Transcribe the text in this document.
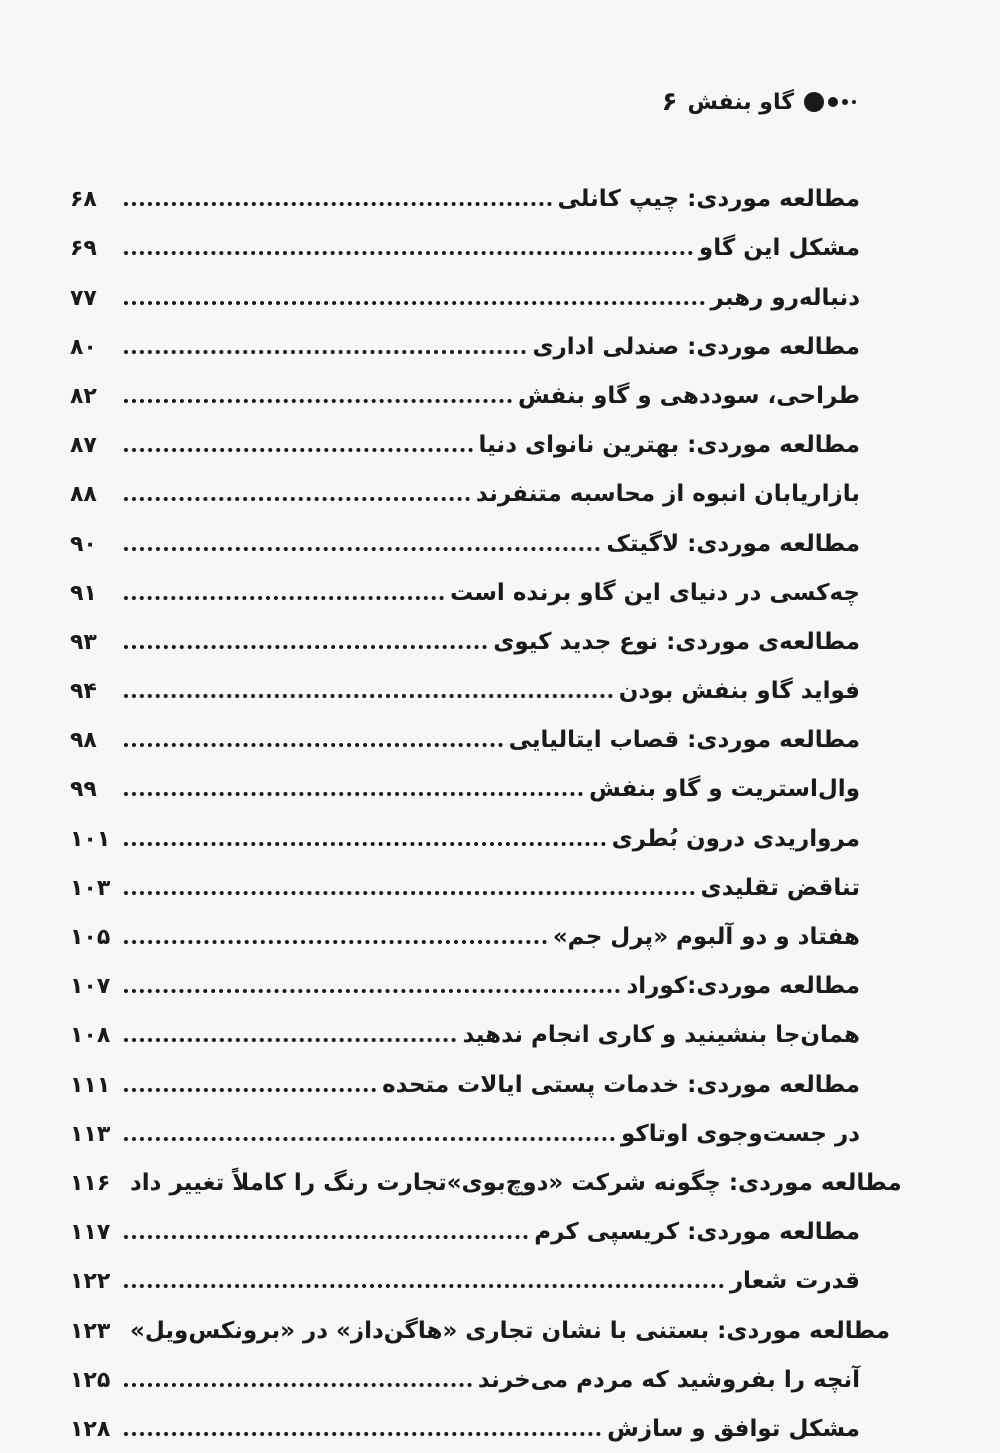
۶ گاو بنفش
۶۸	مطالعه موردی: چیپ کانلی
۶۹	مشکل این گاو
۷۷	دنباله‌رو رهبر
۸۰	مطالعه موردی: صندلی اداری
۸۲	طراحی، سوددهی و گاو بنفش
۸۷	مطالعه موردی: بهترین نانوای دنیا
۸۸	بازاریابان انبوه از محاسبه متنفرند
۹۰	مطالعه موردی: لاگیتک
۹۱	چه‌کسی در دنیای این گاو برنده است
۹۳	مطالعه‌ی موردی: نوع جدید کیوی
۹۴	فواید گاو بنفش بودن
۹۸	مطالعه موردی: قصاب ایتالیایی
۹۹	وال‌استریت و گاو بنفش
۱۰۱	مرواریدی درون بُطری
۱۰۳	تناقض تقلیدی
۱۰۵	هفتاد و دو آلبوم «پرل جم»
۱۰۷	مطالعه موردی:کوراد
۱۰۸	همان‌جا بنشینید و کاری انجام ندهید
۱۱۱	مطالعه موردی: خدمات پستی ایالات متحده
۱۱۳	در جست‌وجوی اوتاکو
۱۱۶ مطالعه موردی: چگونه شرکت «دوچ‌بوی»تجارت رنگ را کاملاً تغییر داد
۱۱۷	مطالعه موردی: کریسپی کرم
۱۲۲	قدرت شعار
۱۲۳ مطالعه موردی: بستنی با نشان تجاری «هاگن‌داز» در «برونکس‌ویل»
۱۲۵	آنچه را بفروشید که مردم می‌خرند
۱۲۸	مشکل توافق و سازش
